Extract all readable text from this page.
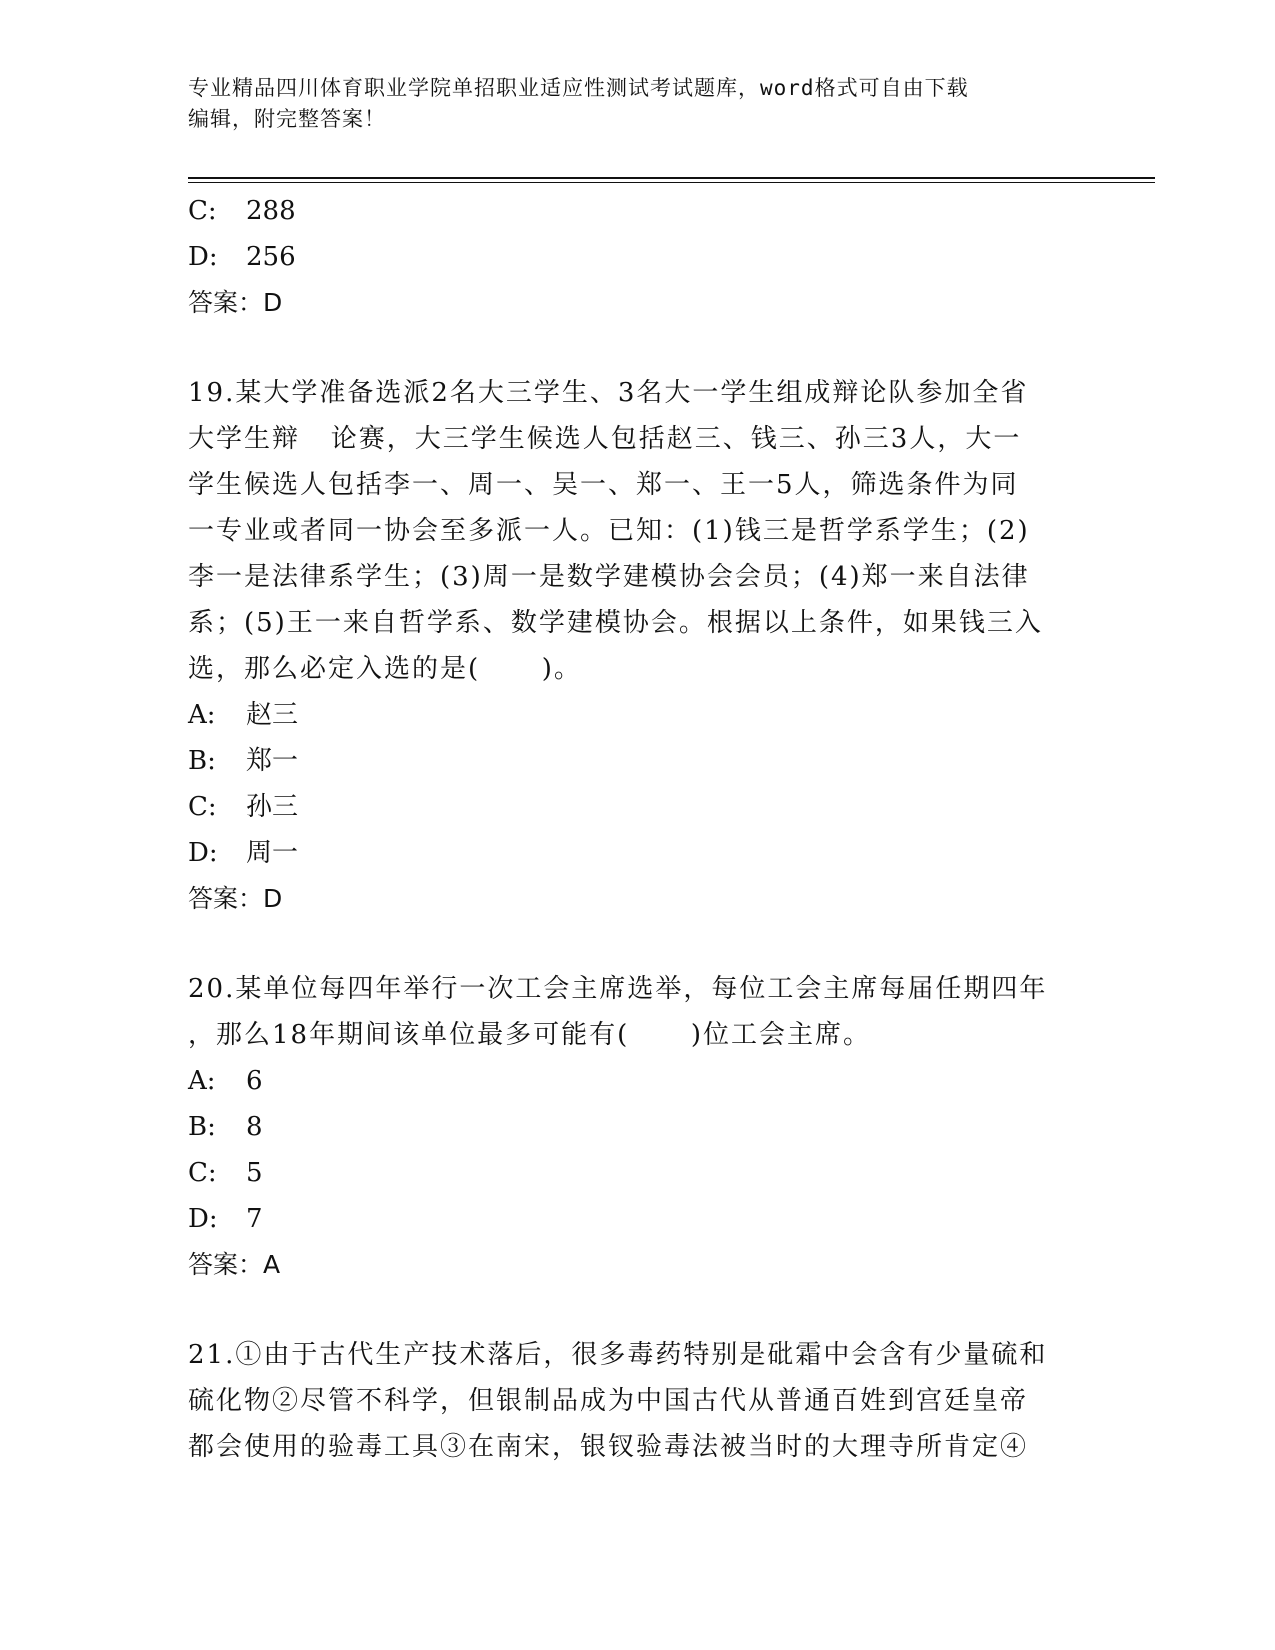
专业精品四川体育职业学院单招职业适应性测试考试题库，word格式可自由下载
编辑，附完整答案！
C: 288
D: 256
答案：D
19.某大学准备选派2名大三学生、3名大一学生组成辩论队参加全省
大学生辩   论赛，大三学生候选人包括赵三、钱三、孙三3人，大一
学生候选人包括李一、周一、吴一、郑一、王一5人，筛选条件为同
一专业或者同一协会至多派一人。已知：(1)钱三是哲学系学生；(2)
李一是法律系学生；(3)周一是数学建模协会会员；(4)郑一来自法律
系；(5)王一来自哲学系、数学建模协会。根据以上条件，如果钱三入
选，那么必定入选的是(      )。
A: 赵三
B: 郑一
C: 孙三
D: 周一
答案：D
20.某单位每四年举行一次工会主席选举，每位工会主席每届任期四年
，那么18年期间该单位最多可能有(      )位工会主席。
A: 6
B: 8
C: 5
D: 7
答案：A
21.①由于古代生产技术落后，很多毒药特别是砒霜中会含有少量硫和
硫化物②尽管不科学，但银制品成为中国古代从普通百姓到宫廷皇帝
都会使用的验毒工具③在南宋，银钗验毒法被当时的大理寺所肯定④
